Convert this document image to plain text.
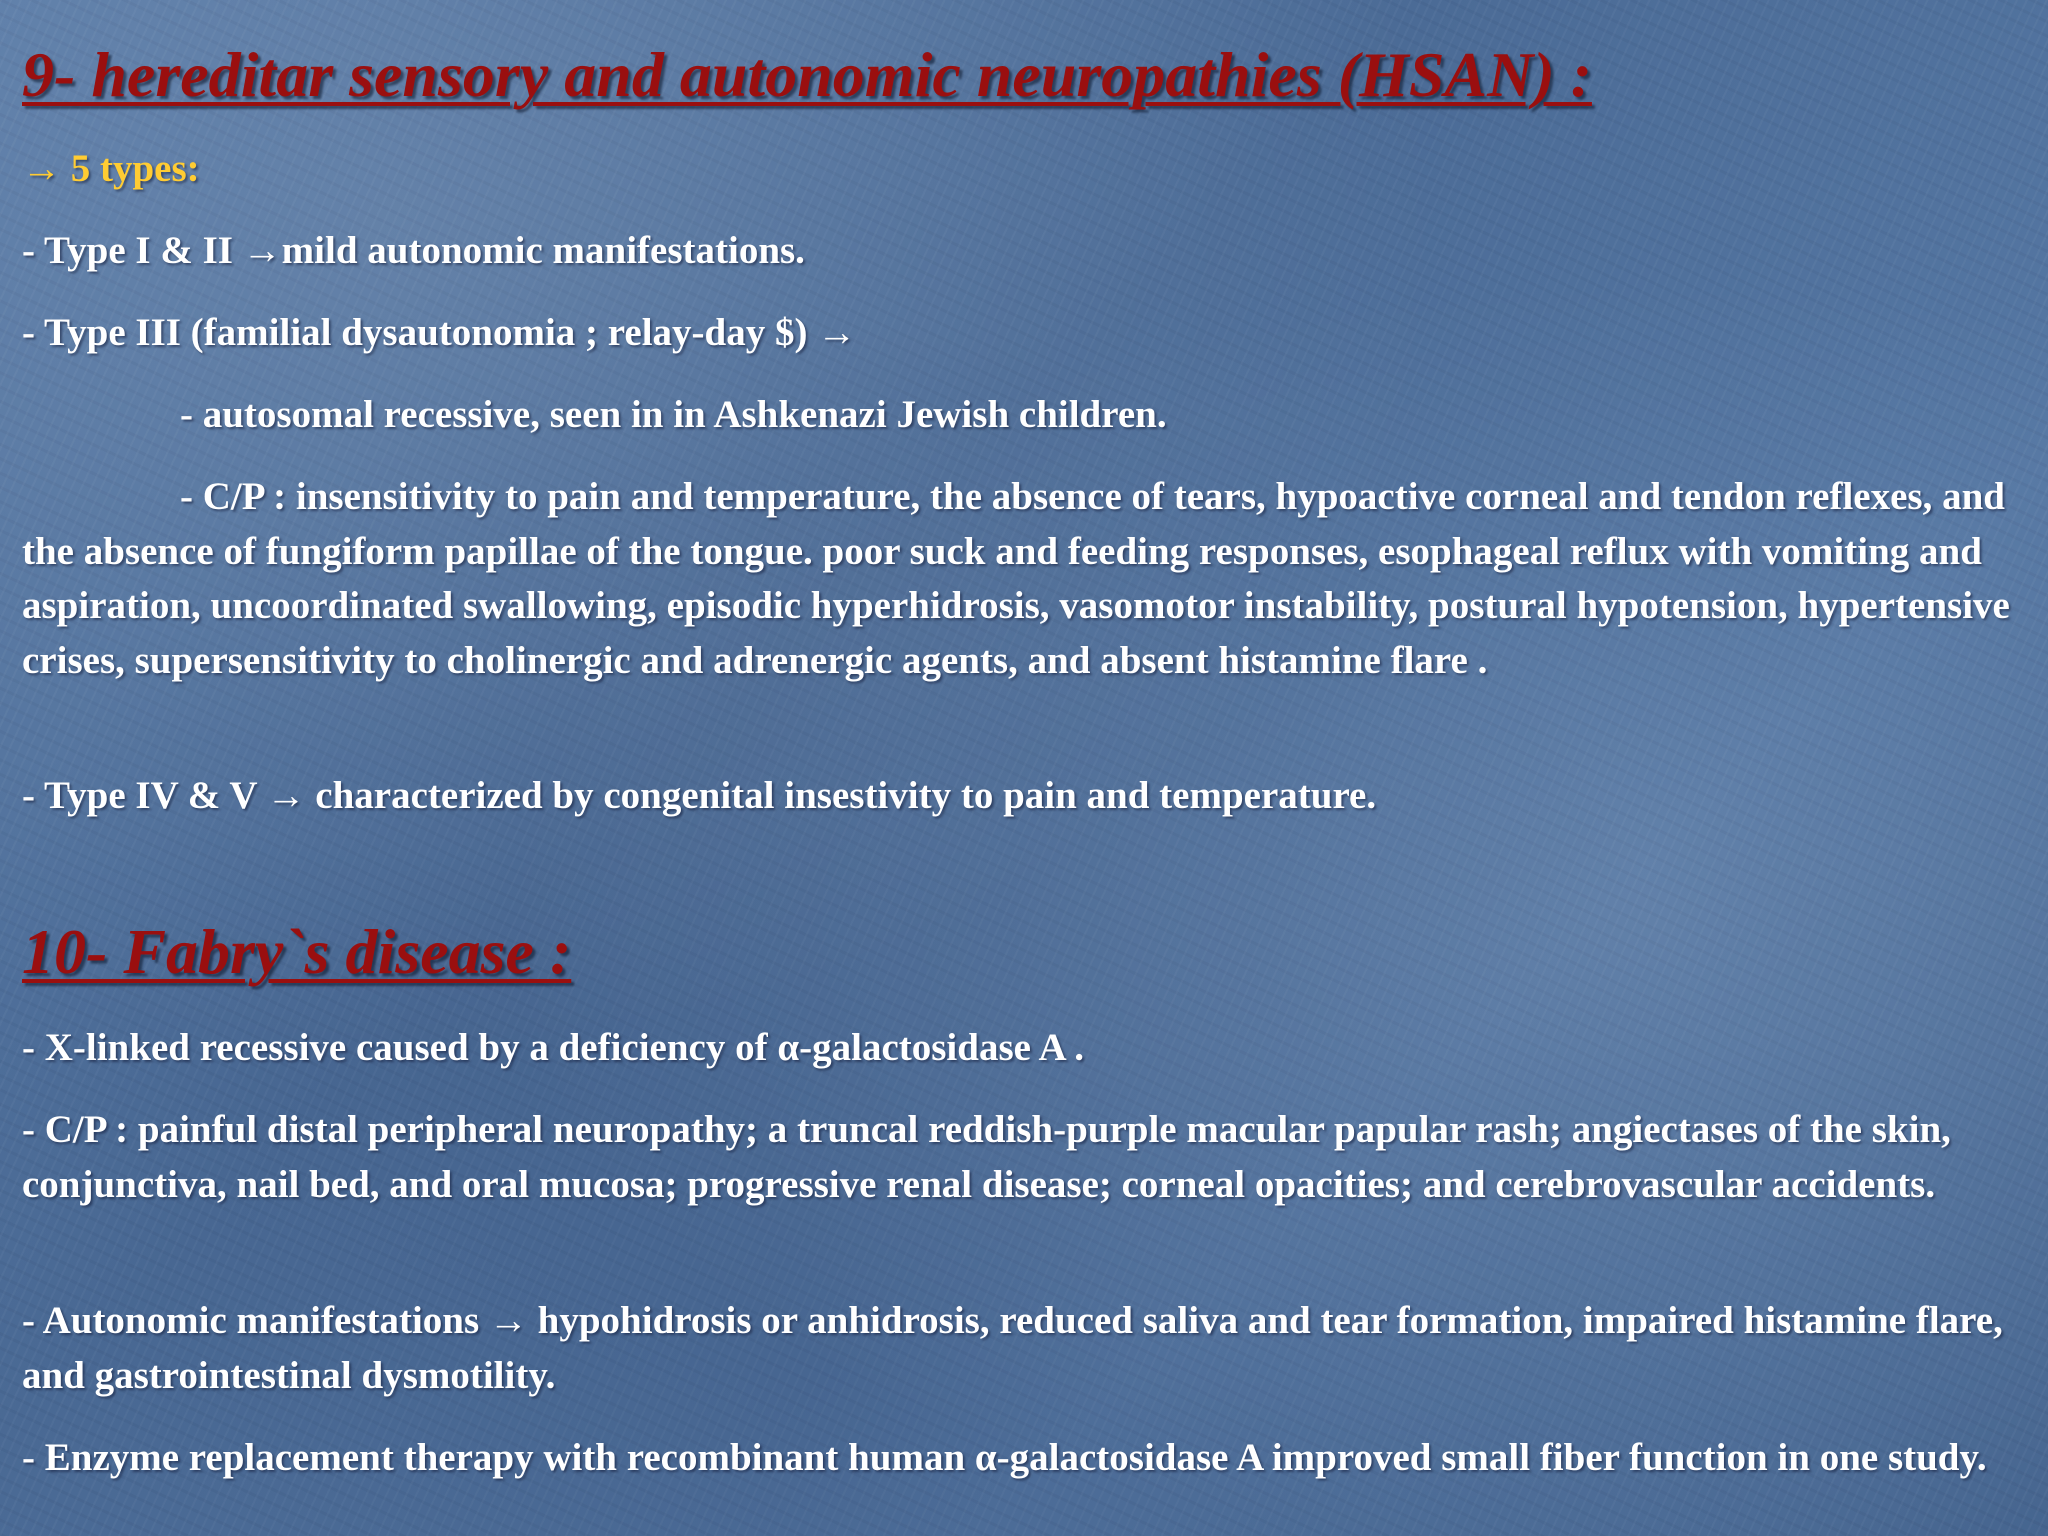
9- hereditar sensory and autonomic neuropathies (HSAN) :

→ 5 types:

- Type I & II →mild autonomic manifestations.

- Type III (familial dysautonomia ; relay-day $) →

- autosomal recessive, seen in in Ashkenazi Jewish children.

- C/P : insensitivity to pain and temperature, the absence of tears, hypoactive corneal and tendon reflexes, and the absence of fungiform papillae of the tongue. poor suck and feeding responses, esophageal reflux with vomiting and aspiration, uncoordinated swallowing, episodic hyperhidrosis, vasomotor instability, postural hypotension, hypertensive crises, supersensitivity to cholinergic and adrenergic agents, and absent histamine flare .

- Type IV & V → characterized by congenital insestivity to pain and temperature.

10- Fabry`s disease :

- X-linked recessive caused by a deficiency of α-galactosidase A .

- C/P : painful distal peripheral neuropathy; a truncal reddish-purple macular papular rash; angiectases of the skin, conjunctiva, nail bed, and oral mucosa; progressive renal disease; corneal opacities; and cerebrovascular accidents.

- Autonomic manifestations → hypohidrosis or anhidrosis, reduced saliva and tear formation, impaired histamine flare, and gastrointestinal dysmotility.

- Enzyme replacement therapy with recombinant human α-galactosidase A improved small fiber function in one study.
